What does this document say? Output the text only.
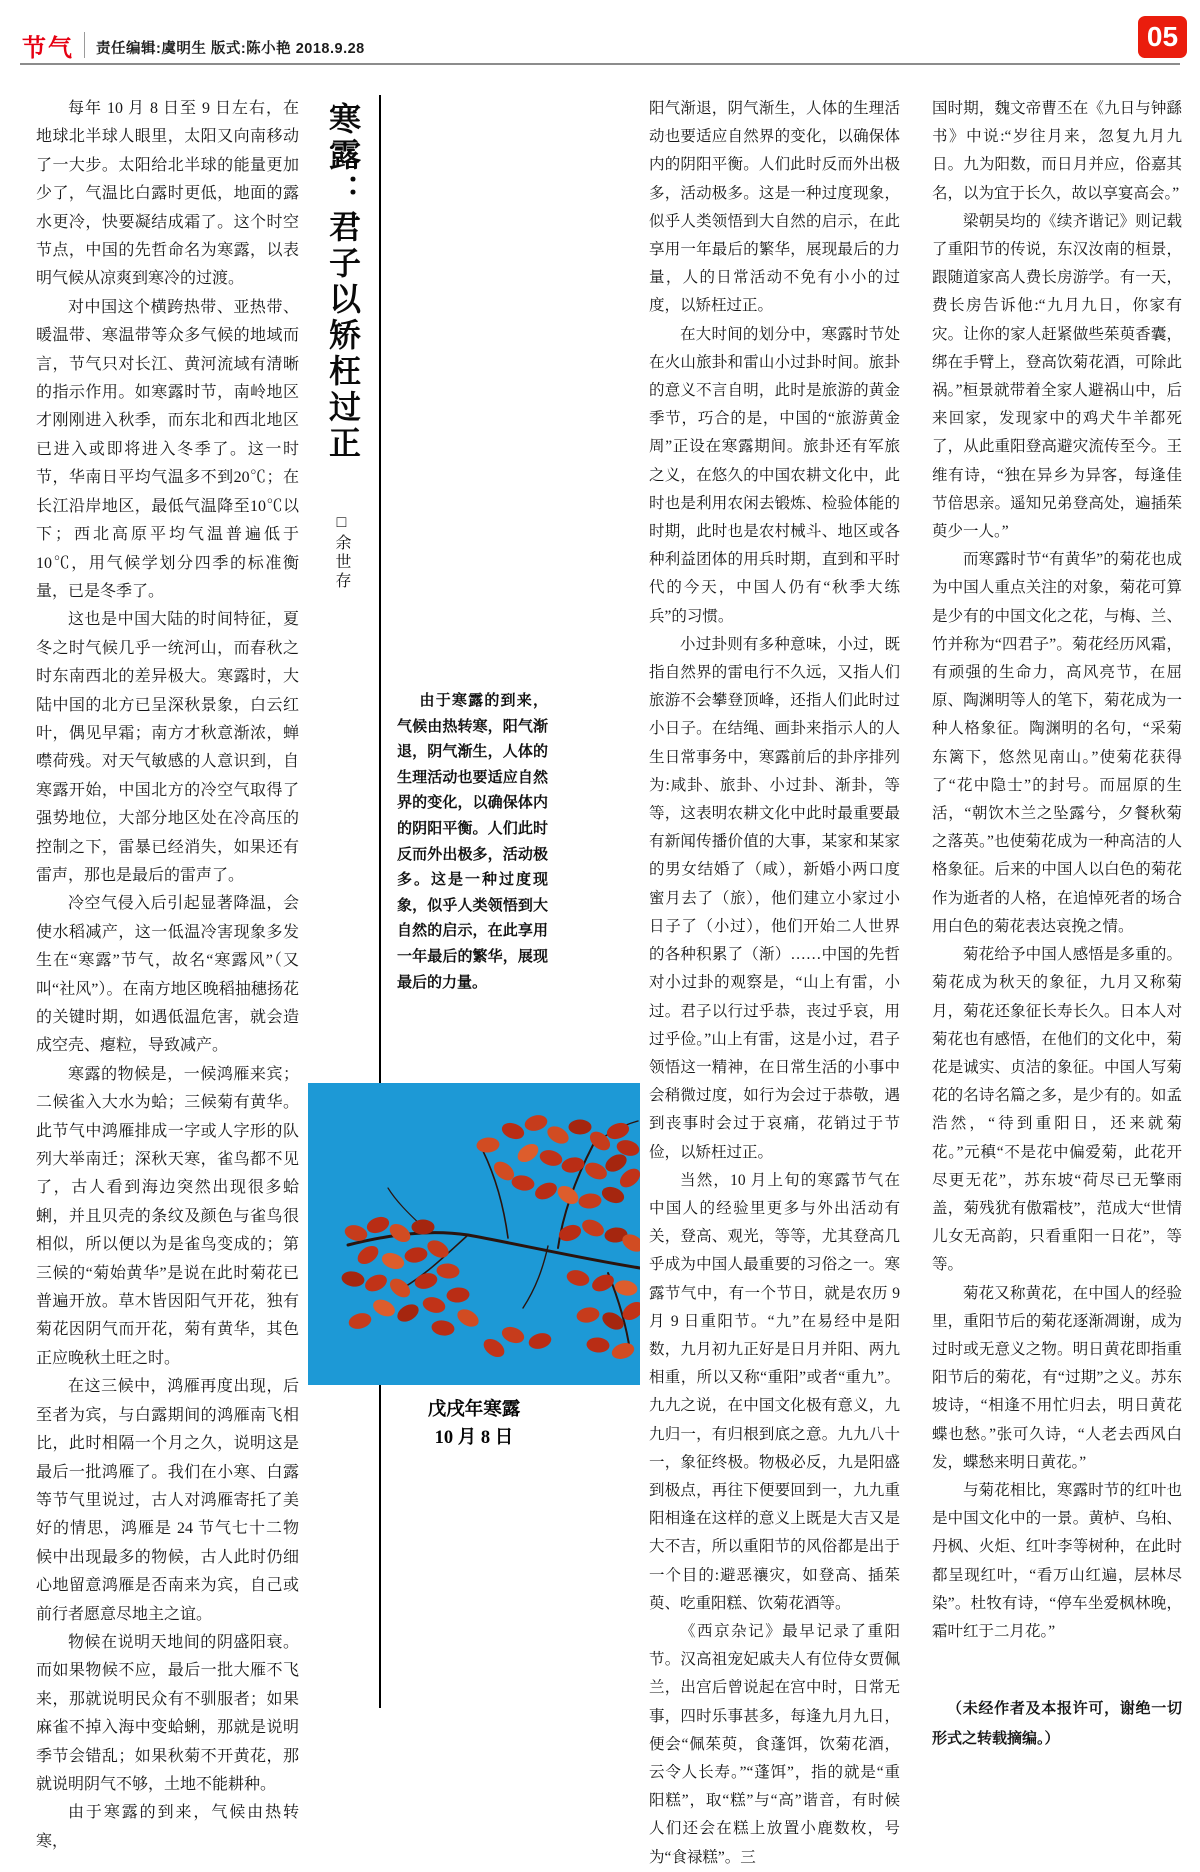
节气 责任编辑:虞明生 版式:陈小艳 2018.9.28	05

每年 10 月 8 日至 9 日左右，在地球北半球人眼里，太阳又向南移动了一大步。太阳给北半球的能量更加少了，气温比白露时更低，地面的露水更冷，快要凝结成霜了。这个时空节点，中国的先哲命名为寒露，以表明气候从凉爽到寒冷的过渡。

对中国这个横跨热带、亚热带、暖温带、寒温带等众多气候的地域而言，节气只对长江、黄河流域有清晰的指示作用。如寒露时节，南岭地区才刚刚进入秋季，而东北和西北地区已进入或即将进入冬季了。这一时节，华南日平均气温多不到20℃；在长江沿岸地区，最低气温降至10℃以下；西北高原平均气温普遍低于10℃，用气候学划分四季的标准衡量，已是冬季了。

这也是中国大陆的时间特征，夏冬之时气候几乎一统河山，而春秋之时东南西北的差异极大。寒露时，大陆中国的北方已呈深秋景象，白云红叶，偶见早霜；南方才秋意渐浓，蝉噤荷残。对天气敏感的人意识到，自寒露开始，中国北方的冷空气取得了强势地位，大部分地区处在冷高压的控制之下，雷暴已经消失，如果还有雷声，那也是最后的雷声了。

冷空气侵入后引起显著降温，会使水稻减产，这一低温冷害现象多发生在“寒露”节气，故名“寒露风”（又叫“社风”）。在南方地区晚稻抽穗扬花的关键时期，如遇低温危害，就会造成空壳、瘪粒，导致减产。

寒露的物候是，一候鸿雁来宾；二候雀入大水为蛤；三候菊有黄华。此节气中鸿雁排成一字或人字形的队列大举南迁；深秋天寒，雀鸟都不见了，古人看到海边突然出现很多蛤蜊，并且贝壳的条纹及颜色与雀鸟很相似，所以便以为是雀鸟变成的；第三候的“菊始黄华”是说在此时菊花已普遍开放。草木皆因阳气开花，独有菊花因阴气而开花，菊有黄华，其色正应晚秋土旺之时。

在这三候中，鸿雁再度出现，后至者为宾，与白露期间的鸿雁南飞相比，此时相隔一个月之久，说明这是最后一批鸿雁了。我们在小寒、白露等节气里说过，古人对鸿雁寄托了美好的情思，鸿雁是 24 节气七十二物候中出现最多的物候，古人此时仍细心地留意鸿雁是否南来为宾，自己或前行者愿意尽地主之谊。

物候在说明天地间的阴盛阳衰。而如果物候不应，最后一批大雁不飞来，那就说明民众有不驯服者；如果麻雀不掉入海中变蛤蜊，那就是说明季节会错乱；如果秋菊不开黄花，那就说明阴气不够，土地不能耕种。

由于寒露的到来，气候由热转寒，

寒露：君子以矫枉过正
□余世存
由于寒露的到来，气候由热转寒，阳气渐退，阴气渐生，人体的生理活动也要适应自然界的变化，以确保体内的阴阳平衡。人们此时反而外出极多，活动极多。这是一种过度现象，似乎人类领悟到大自然的启示，在此享用一年最后的繁华，展现最后的力量。
戊戌年寒露
10 月 8 日

阳气渐退，阴气渐生，人体的生理活动也要适应自然界的变化，以确保体内的阴阳平衡。人们此时反而外出极多，活动极多。这是一种过度现象，似乎人类领悟到大自然的启示，在此享用一年最后的繁华，展现最后的力量，人的日常活动不免有小小的过度，以矫枉过正。

在大时间的划分中，寒露时节处在火山旅卦和雷山小过卦时间。旅卦的意义不言自明，此时是旅游的黄金季节，巧合的是，中国的“旅游黄金周”正设在寒露期间。旅卦还有军旅之义，在悠久的中国农耕文化中，此时也是利用农闲去锻炼、检验体能的时期，此时也是农村械斗、地区或各种利益团体的用兵时期，直到和平时代的今天，中国人仍有“秋季大练兵”的习惯。

小过卦则有多种意味，小过，既指自然界的雷电行不久远，又指人们旅游不会攀登顶峰，还指人们此时过小日子。在结绳、画卦来指示人的人生日常事务中，寒露前后的卦序排列为:咸卦、旅卦、小过卦、渐卦，等等，这表明农耕文化中此时最重要最有新闻传播价值的大事，某家和某家的男女结婚了（咸），新婚小两口度蜜月去了（旅），他们建立小家过小日子了（小过），他们开始二人世界的各种积累了（渐）……中国的先哲对小过卦的观察是，“山上有雷，小过。君子以行过乎恭，丧过乎哀，用过乎俭。”山上有雷，这是小过，君子领悟这一精神，在日常生活的小事中会稍微过度，如行为会过于恭敬，遇到丧事时会过于哀痛，花销过于节俭，以矫枉过正。

当然，10 月上旬的寒露节气在中国人的经验里更多与外出活动有关，登高、观光，等等，尤其登高几乎成为中国人最重要的习俗之一。寒露节气中，有一个节日，就是农历 9 月 9 日重阳节。“九”在易经中是阳数，九月初九正好是日月并阳、两九相重，所以又称“重阳”或者“重九”。九九之说，在中国文化极有意义，九九归一，有归根到底之意。九九八十一，象征终极。物极必反，九是阳盛到极点，再往下便要回到一，九九重阳相逢在这样的意义上既是大吉又是大不吉，所以重阳节的风俗都是出于一个目的:避恶禳灾，如登高、插茱萸、吃重阳糕、饮菊花酒等。

《西京杂记》最早记录了重阳节。汉高祖宠妃戚夫人有位侍女贾佩兰，出宫后曾说起在宫中时，日常无事，四时乐事甚多，每逢九月九日，便会“佩茱萸，食蓬饵，饮菊花酒，云令人长寿。”“蓬饵”，指的就是“重阳糕”，取“糕”与“高”谐音，有时候人们还会在糕上放置小鹿数枚，号为“食禄糕”。三

国时期，魏文帝曹丕在《九日与钟繇书》中说:“岁往月来，忽复九月九日。九为阳数，而日月并应，俗嘉其名，以为宜于长久，故以享宴高会。”

梁朝吴均的《续齐谐记》则记载了重阳节的传说，东汉汝南的桓景，跟随道家高人费长房游学。有一天，费长房告诉他:“九月九日，你家有灾。让你的家人赶紧做些茱萸香囊，绑在手臂上，登高饮菊花酒，可除此祸。”桓景就带着全家人避祸山中，后来回家，发现家中的鸡犬牛羊都死了，从此重阳登高避灾流传至今。王维有诗，“独在异乡为异客，每逢佳节倍思亲。遥知兄弟登高处，遍插茱萸少一人。”

而寒露时节“有黄华”的菊花也成为中国人重点关注的对象，菊花可算是少有的中国文化之花，与梅、兰、竹并称为“四君子”。菊花经历风霜，有顽强的生命力，高风亮节，在屈原、陶渊明等人的笔下，菊花成为一种人格象征。陶渊明的名句，“采菊东篱下，悠然见南山。”使菊花获得了“花中隐士”的封号。而屈原的生活，“朝饮木兰之坠露兮，夕餐秋菊之落英。”也使菊花成为一种高洁的人格象征。后来的中国人以白色的菊花作为逝者的人格，在追悼死者的场合用白色的菊花表达哀挽之情。

菊花给予中国人感悟是多重的。菊花成为秋天的象征，九月又称菊月，菊花还象征长寿长久。日本人对菊花也有感悟，在他们的文化中，菊花是诚实、贞洁的象征。中国人写菊花的名诗名篇之多，是少有的。如孟浩然，“待到重阳日，还来就菊花。”元稹“不是花中偏爱菊，此花开尽更无花”，苏东坡“荷尽已无擎雨盖，菊残犹有傲霜枝”，范成大“世情儿女无高韵，只看重阳一日花”，等等。

菊花又称黄花，在中国人的经验里，重阳节后的菊花逐渐凋谢，成为过时或无意义之物。明日黄花即指重阳节后的菊花，有“过期”之义。苏东坡诗，“相逢不用忙归去，明日黄花蝶也愁。”张可久诗，“人老去西风白发，蝶愁来明日黄花。”

与菊花相比，寒露时节的红叶也是中国文化中的一景。黄栌、乌桕、丹枫、火炬、红叶李等树种，在此时都呈现红叶，“看万山红遍，层林尽染”。杜牧有诗，“停车坐爱枫林晚，霜叶红于二月花。”

（未经作者及本报许可，谢绝一切形式之转载摘编。）
